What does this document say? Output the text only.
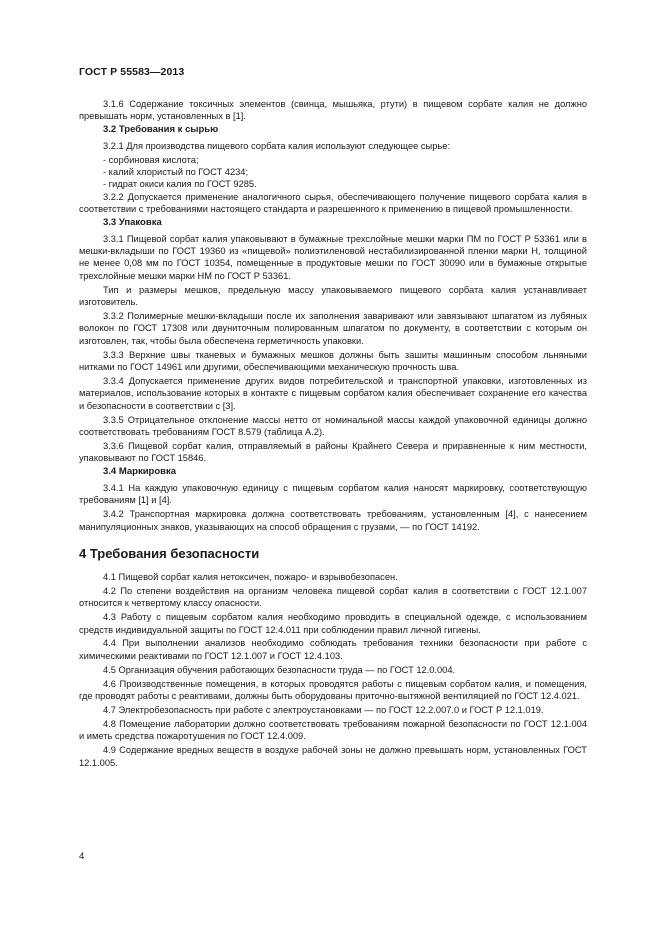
ГОСТ Р 55583—2013

3.1.6 Содержание токсичных элементов (свинца, мышьяка, ртути) в пищевом сорбате калия не должно превышать норм, установленных в [1].

3.2 Требования к сырью

3.2.1 Для производства пищевого сорбата калия используют следующее сырье:

- сорбиновая кислота;

- калий хлористый по ГОСТ 4234;

- гидрат окиси калия по ГОСТ 9285.

3.2.2 Допускается применение аналогичного сырья, обеспечивающего получение пищевого сорбата калия в соответствии с требованиями настоящего стандарта и разрешенного к применению в пищевой промышленности.

3.3 Упаковка

3.3.1 Пищевой сорбат калия упаковывают в бумажные трехслойные мешки марки ПМ по ГОСТ Р 53361 или в мешки-вкладыши по ГОСТ 19360 из «пищевой» полиэтиленовой нестабилизированной пленки марки Н, толщиной не менее 0,08 мм по ГОСТ 10354, помещенные в продуктовые мешки по ГОСТ 30090 или в бумажные открытые трехслойные мешки марки НМ по ГОСТ Р 53361.

Тип и размеры мешков, предельную массу упаковываемого пищевого сорбата калия устанавливает изготовитель.

3.3.2 Полимерные мешки-вкладыши после их заполнения заваривают или завязывают шпагатом из лубяных волокон по ГОСТ 17308 или двуниточным полированным шпагатом по документу, в соответствии с которым он изготовлен, так, чтобы была обеспечена герметичность упаковки.

3.3.3 Верхние швы тканевых и бумажных мешков должны быть зашиты машинным способом льняными нитками по ГОСТ 14961 или другими, обеспечивающими механическую прочность шва.

3.3.4 Допускается применение других видов потребительской и транспортной упаковки, изготовленных из материалов, использование которых в контакте с пищевым сорбатом калия обеспечивает сохранение его качества и безопасности в соответствии с [3].

3.3.5 Отрицательное отклонение массы нетто от номинальной массы каждой упаковочной единицы должно соответствовать требованиям ГОСТ 8.579 (таблица А.2).

3.3.6 Пищевой сорбат калия, отправляемый в районы Крайнего Севера и приравненные к ним местности, упаковывают по ГОСТ 15846.

3.4 Маркировка

3.4.1 На каждую упаковочную единицу с пищевым сорбатом калия наносят маркировку, соответствующую требованиям [1] и [4].

3.4.2 Транспортная маркировка должна соответствовать требованиям, установленным [4], с нанесением манипуляционных знаков, указывающих на способ обращения с грузами, — по ГОСТ 14192.

4 Требования безопасности

4.1 Пищевой сорбат калия нетоксичен, пожаро- и взрывобезопасен.

4.2 По степени воздействия на организм человека пищевой сорбат калия в соответствии с ГОСТ 12.1.007 относится к четвертому классу опасности.

4.3 Работу с пищевым сорбатом калия необходимо проводить в специальной одежде, с использованием средств индивидуальной защиты по ГОСТ 12.4.011 при соблюдении правил личной гигиены.

4.4 При выполнении анализов необходимо соблюдать требования техники безопасности при работе с химическими реактивами по ГОСТ 12.1.007 и ГОСТ 12.4.103.

4.5 Организация обучения работающих безопасности труда — по ГОСТ 12.0.004.

4.6 Производственные помещения, в которых проводятся работы с пищевым сорбатом калия, и помещения, где проводят работы с реактивами, должны быть оборудованы приточно-вытяжной вентиляцией по ГОСТ 12.4.021.

4.7 Электробезопасность при работе с электроустановками — по ГОСТ 12.2.007.0 и ГОСТ Р 12.1.019.

4.8 Помещение лаборатории должно соответствовать требованиям пожарной безопасности по ГОСТ 12.1.004 и иметь средства пожаротушения по ГОСТ 12.4.009.

4.9 Содержание вредных веществ в воздухе рабочей зоны не должно превышать норм, установленных ГОСТ 12.1.005.

4
